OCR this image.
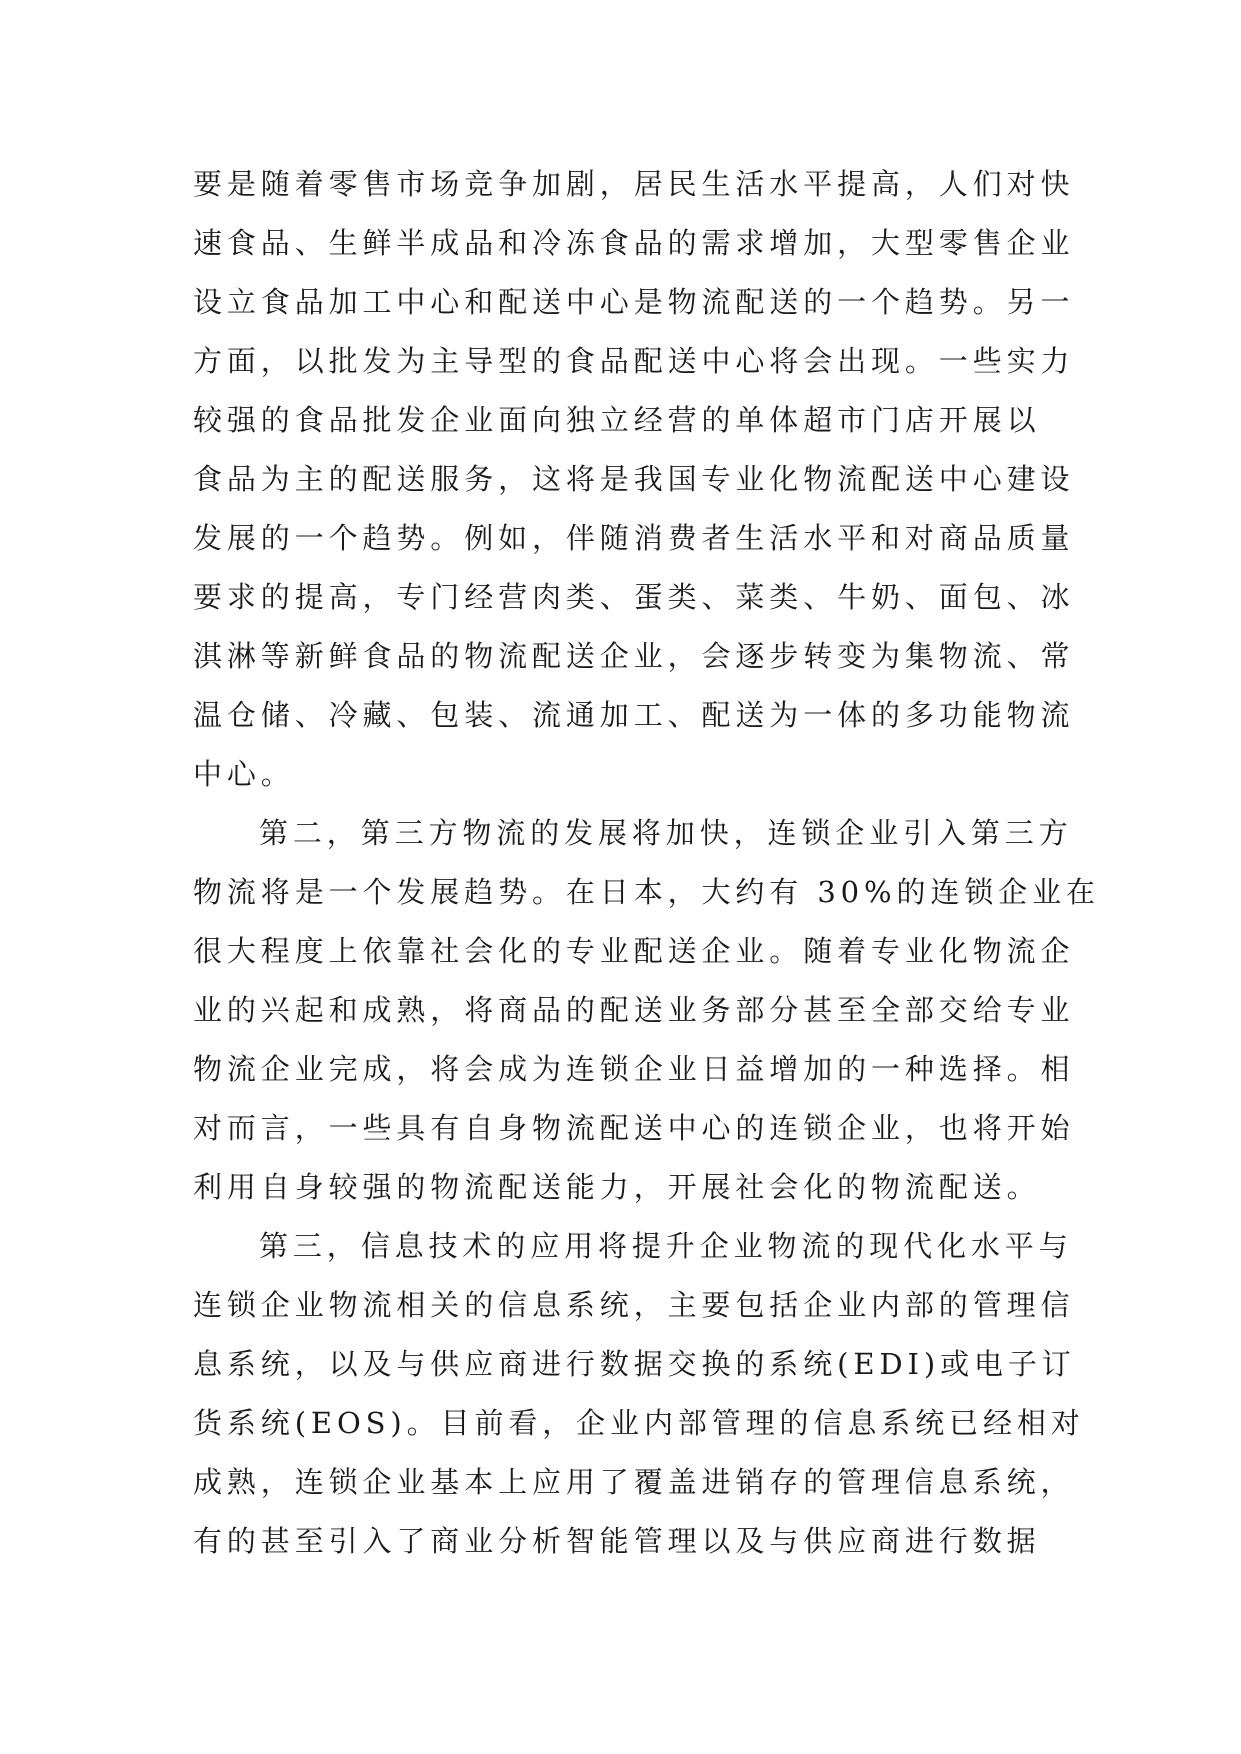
要是随着零售市场竞争加剧，居民生活水平提高，人们对快
速食品、生鲜半成品和冷冻食品的需求增加，大型零售企业
设立食品加工中心和配送中心是物流配送的一个趋势。另一
方面，以批发为主导型的食品配送中心将会出现。一些实力
较强的食品批发企业面向独立经营的单体超市门店开展以
食品为主的配送服务，这将是我国专业化物流配送中心建设
发展的一个趋势。例如，伴随消费者生活水平和对商品质量
要求的提高，专门经营肉类、蛋类、菜类、牛奶、面包、冰
淇淋等新鲜食品的物流配送企业，会逐步转变为集物流、常
温仓储、冷藏、包装、流通加工、配送为一体的多功能物流
中心。
第二，第三方物流的发展将加快，连锁企业引入第三方
物流将是一个发展趋势。在日本，大约有 30%的连锁企业在
很大程度上依靠社会化的专业配送企业。随着专业化物流企
业的兴起和成熟，将商品的配送业务部分甚至全部交给专业
物流企业完成，将会成为连锁企业日益增加的一种选择。相
对而言，一些具有自身物流配送中心的连锁企业，也将开始
利用自身较强的物流配送能力，开展社会化的物流配送。
第三，信息技术的应用将提升企业物流的现代化水平与
连锁企业物流相关的信息系统，主要包括企业内部的管理信
息系统，以及与供应商进行数据交换的系统(EDI)或电子订
货系统(EOS)。目前看，企业内部管理的信息系统已经相对
成熟，连锁企业基本上应用了覆盖进销存的管理信息系统，
有的甚至引入了商业分析智能管理以及与供应商进行数据
